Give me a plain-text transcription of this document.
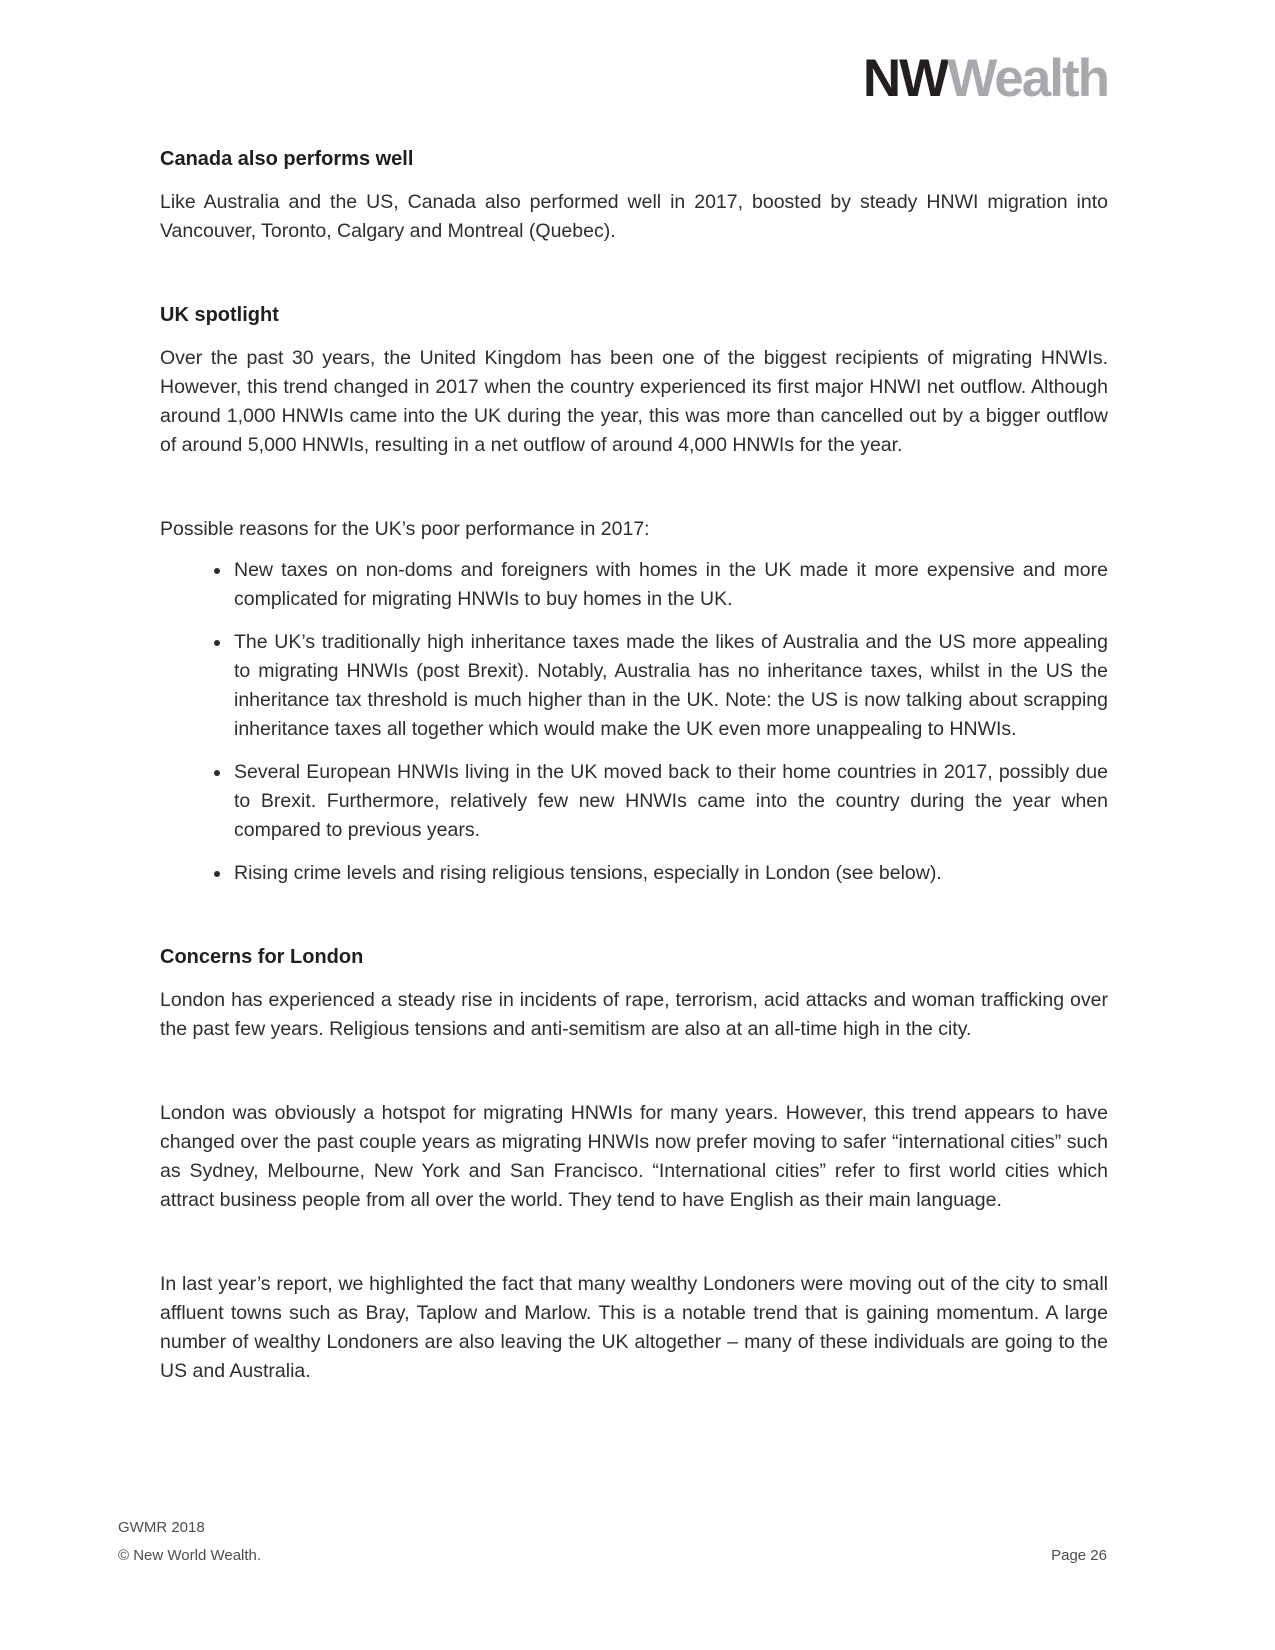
NWWealth
Canada also performs well

Like Australia and the US, Canada also performed well in 2017, boosted by steady HNWI migration into Vancouver, Toronto, Calgary and Montreal (Quebec).

UK spotlight

Over the past 30 years, the United Kingdom has been one of the biggest recipients of migrating HNWIs. However, this trend changed in 2017 when the country experienced its first major HNWI net outflow. Although around 1,000 HNWIs came into the UK during the year, this was more than cancelled out by a bigger outflow of around 5,000 HNWIs, resulting in a net outflow of around 4,000 HNWIs for the year.

Possible reasons for the UK’s poor performance in 2017:

• New taxes on non-doms and foreigners with homes in the UK made it more expensive and more complicated for migrating HNWIs to buy homes in the UK.
• The UK’s traditionally high inheritance taxes made the likes of Australia and the US more appealing to migrating HNWIs (post Brexit). Notably, Australia has no inheritance taxes, whilst in the US the inheritance tax threshold is much higher than in the UK. Note: the US is now talking about scrapping inheritance taxes all together which would make the UK even more unappealing to HNWIs.
• Several European HNWIs living in the UK moved back to their home countries in 2017, possibly due to Brexit. Furthermore, relatively few new HNWIs came into the country during the year when compared to previous years.
• Rising crime levels and rising religious tensions, especially in London (see below).
Concerns for London

London has experienced a steady rise in incidents of rape, terrorism, acid attacks and woman trafficking over the past few years. Religious tensions and anti-semitism are also at an all-time high in the city.

London was obviously a hotspot for migrating HNWIs for many years. However, this trend appears to have changed over the past couple years as migrating HNWIs now prefer moving to safer “international cities” such as Sydney, Melbourne, New York and San Francisco. “International cities” refer to first world cities which attract business people from all over the world. They tend to have English as their main language.

In last year’s report, we highlighted the fact that many wealthy Londoners were moving out of the city to small affluent towns such as Bray, Taplow and Marlow. This is a notable trend that is gaining momentum. A large number of wealthy Londoners are also leaving the UK altogether – many of these individuals are going to the US and Australia.

GWMR 2018
© New World Wealth.	Page 26
